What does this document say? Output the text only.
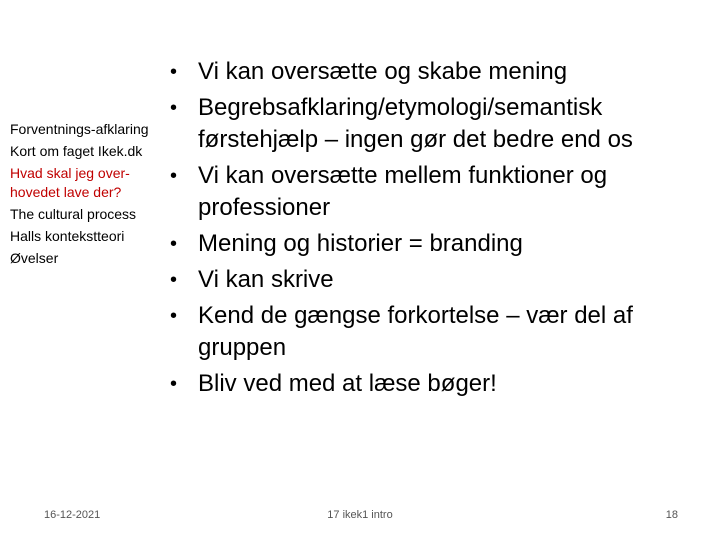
Forventnings-afklaring
Kort om faget Ikek.dk
Hvad skal jeg over-hovedet lave der?
The cultural process
Halls kontekstteori
Øvelser
• Vi kan oversætte og skabe mening
• Begrebsafklaring/etymologi/semantisk førstehjælp – ingen gør det bedre end os
• Vi kan oversætte mellem funktioner og professioner
• Mening og historier = branding
• Vi kan skrive
• Kend de gængse forkortelse – vær del af gruppen
• Bliv ved med at læse bøger!
16-12-2021	17 ikek1 intro	18
